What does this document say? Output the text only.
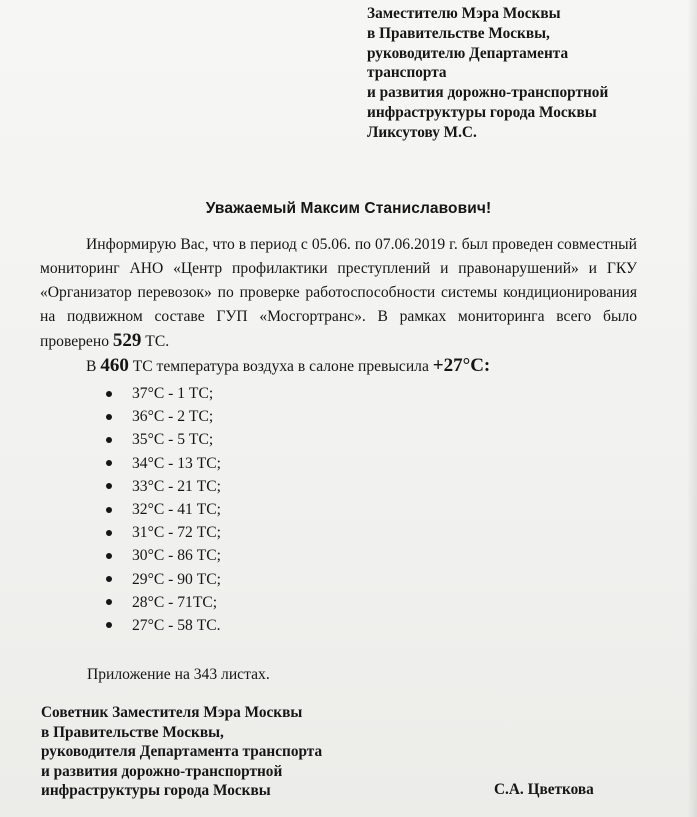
Заместителю Мэра Москвы
в Правительстве Москвы,
руководителю Департамента
транспорта
и развития дорожно-транспортной
инфраструктуры города Москвы
Ликсутову М.С.
Уважаемый Максим Станиславович!
Информирую Вас, что в период с 05.06. по 07.06.2019 г. был проведен совместный мониторинг АНО «Центр профилактики преступлений и правонарушений» и ГКУ «Организатор перевозок» по проверке работоспособности системы кондиционирования на подвижном составе ГУП «Мосгортранс». В рамках мониторинга всего было проверено 529 ТС.
В 460 ТС температура воздуха в салоне превысила +27°C:
37°C - 1 ТС;
36°C - 2 ТС;
35°C - 5 ТС;
34°C - 13 ТС;
33°C - 21 ТС;
32°C - 41 ТС;
31°C - 72 ТС;
30°C - 86 ТС;
29°C - 90 ТС;
28°C - 71ТС;
27°C - 58 ТС.
Приложение на 343 листах.
Советник Заместителя Мэра Москвы
в Правительстве Москвы,
руководителя Департамента транспорта
и развития дорожно-транспортной
инфраструктуры города Москвы	С.А. Цветкова
